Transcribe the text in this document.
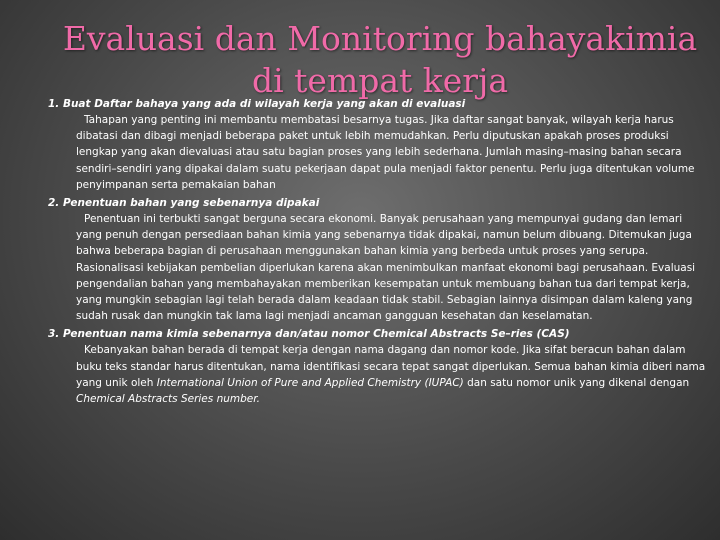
Evaluasi dan Monitoring bahayakimia
di tempat kerja

1. Buat Daftar bahaya yang ada di wilayah kerja yang akan di evaluasi

Tahapan yang penting ini membantu membatasi besarnya tugas. Jika daftar sangat banyak, wilayah kerja harus dibatasi dan dibagi menjadi beberapa paket untuk lebih memudahkan. Perlu diputuskan apakah proses produksi lengkap yang akan dievaluasi atau satu bagian proses yang lebih sederhana. Jumlah masing–masing bahan secara sendiri–sendiri yang dipakai dalam suatu pekerjaan dapat pula menjadi faktor penentu. Perlu juga ditentukan volume penyimpanan serta pemakaian bahan

2. Penentuan bahan yang sebenarnya dipakai

Penentuan ini terbukti sangat berguna secara ekonomi. Banyak perusahaan yang mempunyai gudang dan lemari yang penuh dengan persediaan bahan kimia yang sebenarnya tidak dipakai, namun belum dibuang. Ditemukan juga bahwa beberapa bagian di perusahaan menggunakan bahan kimia yang berbeda untuk proses yang serupa. Rasionalisasi kebijakan pembelian diperlukan karena akan menimbulkan manfaat ekonomi bagi perusahaan. Evaluasi pengendalian bahan yang membahayakan memberikan kesempatan untuk membuang bahan tua dari tempat kerja, yang mungkin sebagian lagi telah berada dalam keadaan tidak stabil. Sebagian lainnya disimpan dalam kaleng yang sudah rusak dan mungkin tak lama lagi menjadi ancaman gangguan kesehatan dan keselamatan.

3. Penentuan nama kimia sebenarnya dan/atau nomor Chemical Abstracts Se–ries (CAS)

Kebanyakan bahan berada di tempat kerja dengan nama dagang dan nomor kode. Jika sifat beracun bahan dalam buku teks standar harus ditentukan, nama identifikasi secara tepat sangat diperlukan. Semua bahan kimia diberi nama yang unik oleh International Union of Pure and Applied Chemistry (IUPAC) dan satu nomor unik yang dikenal dengan Chemical Abstracts Series number.
